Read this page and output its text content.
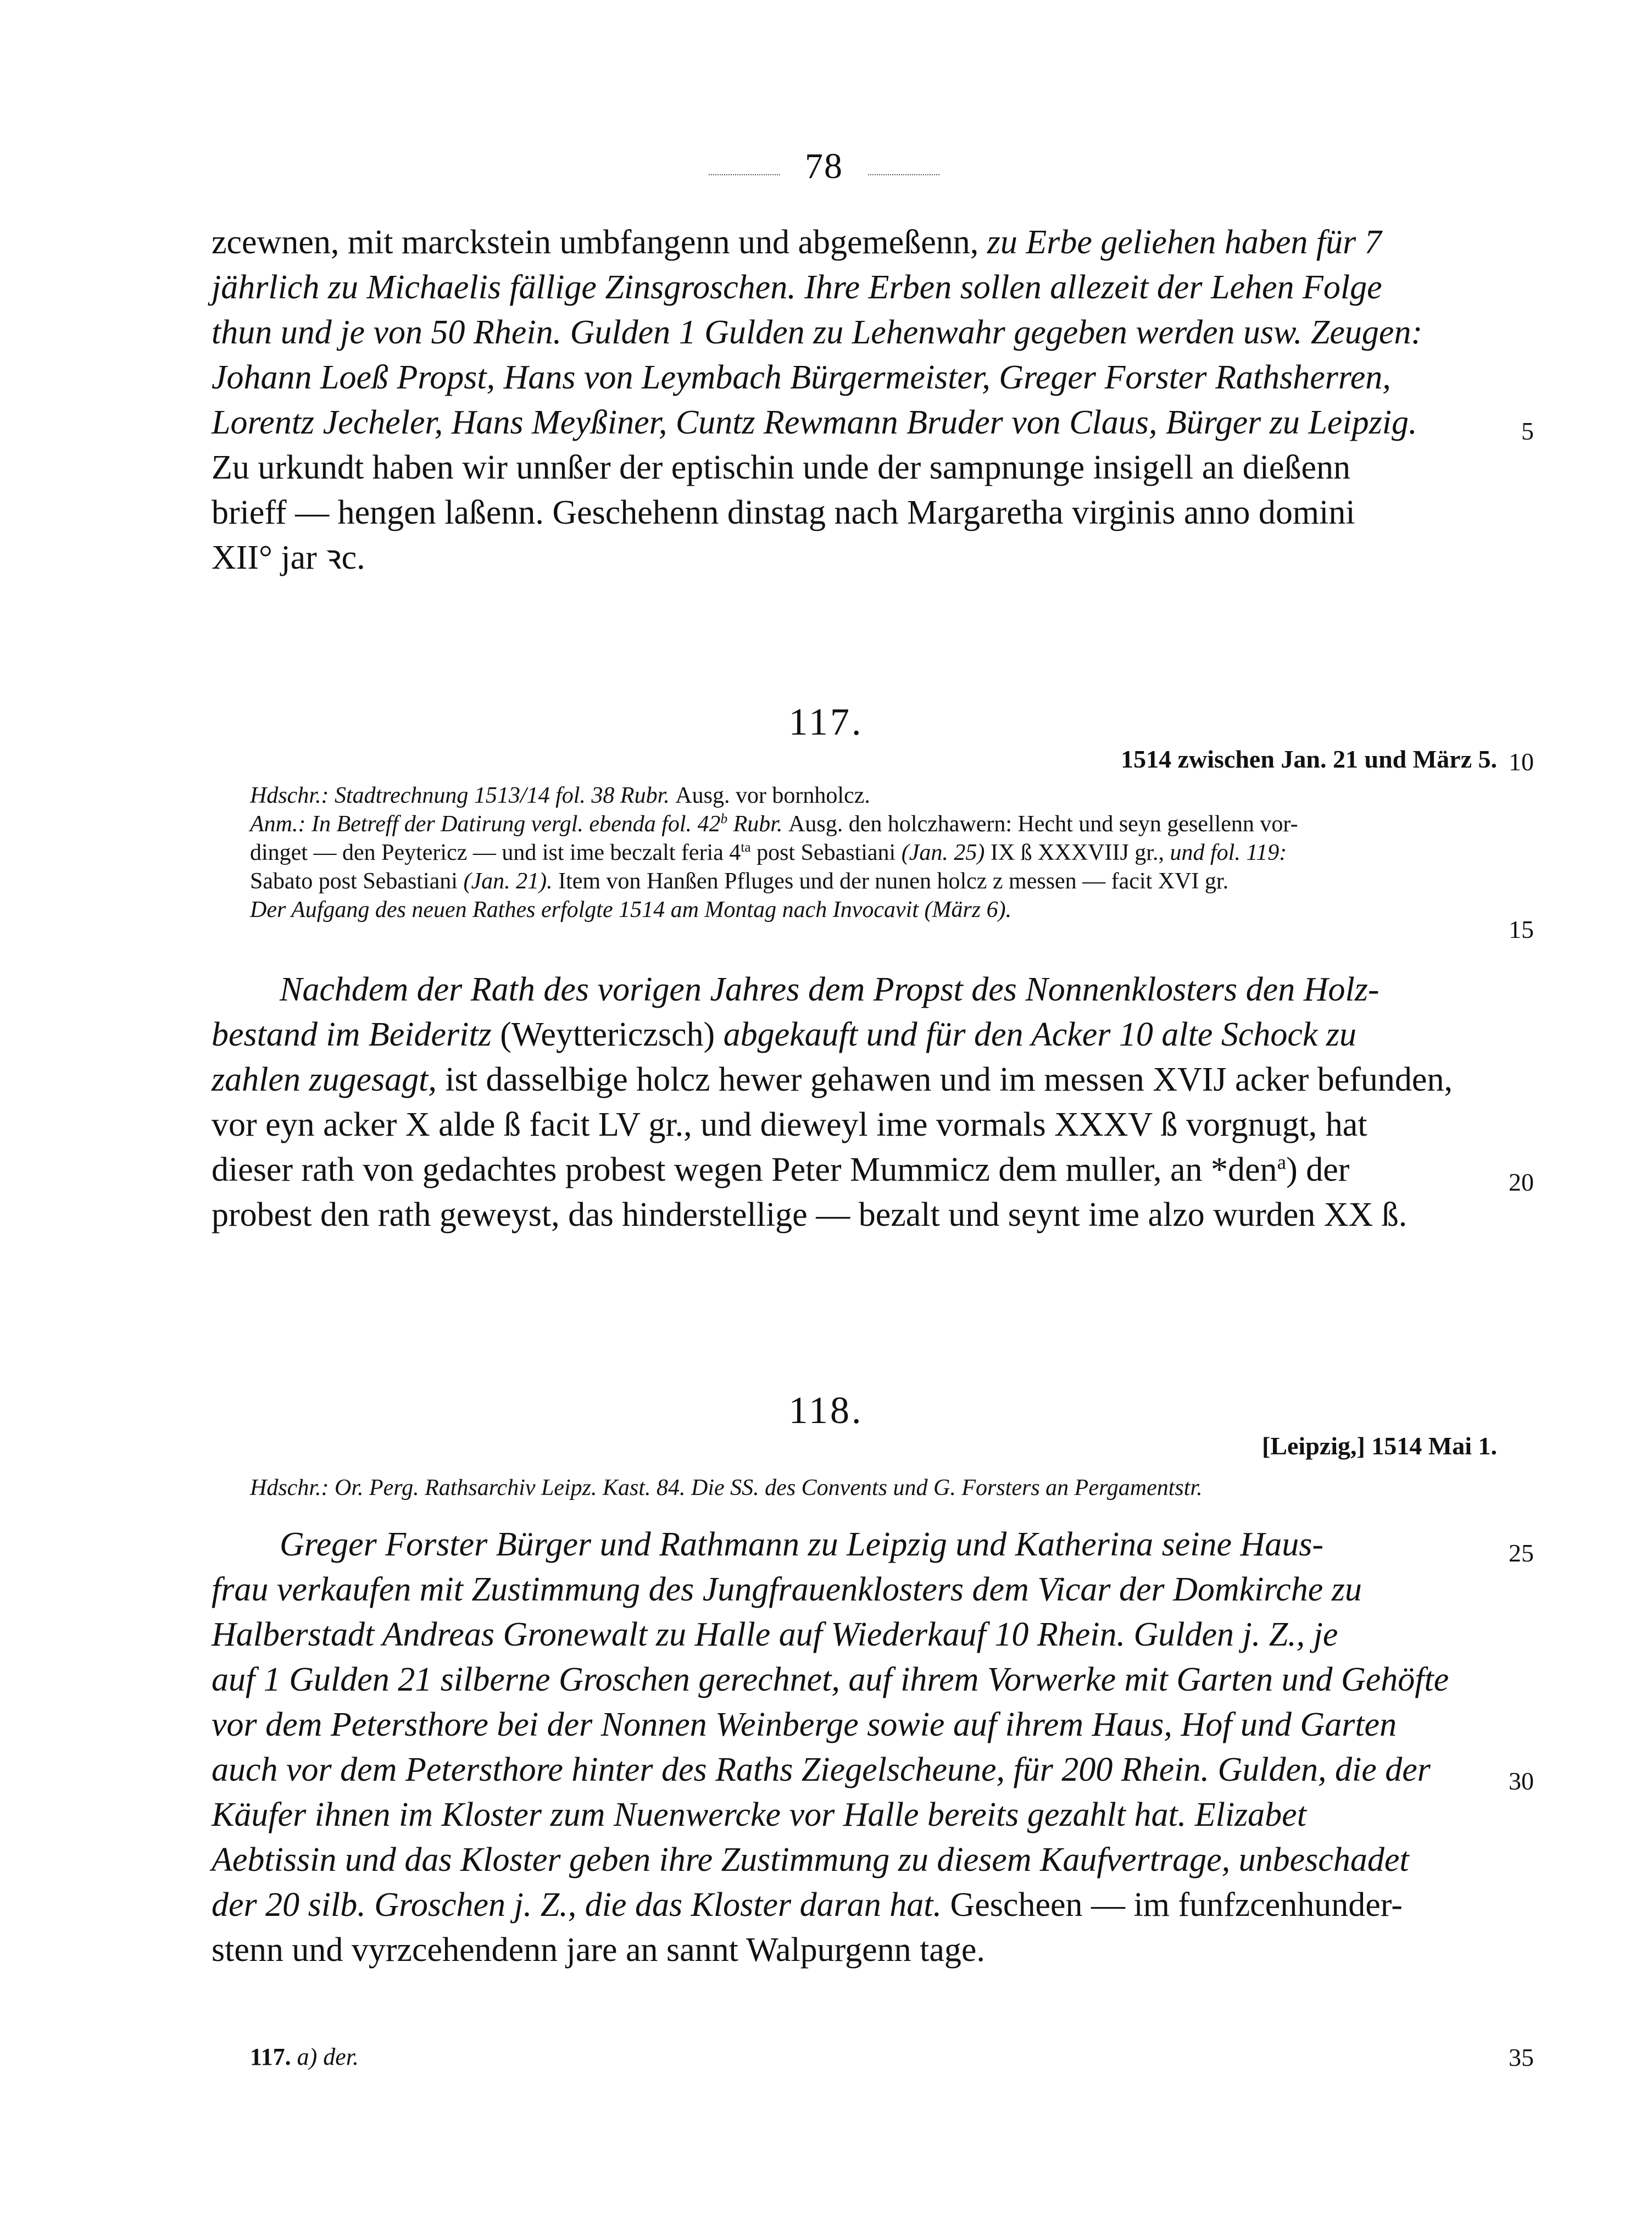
78
zcewnen, mit marckstein umbfangenn und abgemeßenn, zu Erbe geliehen haben für 7
jährlich zu Michaelis fällige Zinsgroschen. Ihre Erben sollen allezeit der Lehen Folge
thun und je von 50 Rhein. Gulden 1 Gulden zu Lehenwahr gegeben werden usw. Zeugen:
Johann Loeß Propst, Hans von Leymbach Bürgermeister, Greger Forster Rathsherren,
Lorentz Jecheler, Hans Meyßiner, Cuntz Rewmann Bruder von Claus, Bürger zu Leipzig.
Zu urkundt haben wir unnßer der eptischin unde der sampnunge insigell an dießenn
brieff — hengen laßenn. Geschehenn dinstag nach Margaretha virginis anno domini
XII° jar ꝛc.
117.
1514 zwischen Jan. 21 und März 5.
Hdschr.: Stadtrechnung 1513/14 fol. 38 Rubr. Ausg. vor bornholcz.
Anm.: In Betreff der Datirung vergl. ebenda fol. 42$^b$ Rubr. Ausg. den holczhawern: Hecht und seyn gesellenn vor-
dinget — den Peytericz — und ist ime beczalt feria $4^{ta}$ post Sebastiani (Jan. 25) IX ß XXXVIIJ gr., und fol. 119:
Sabato post Sebastiani (Jan. 21). Item von Hanßen Pfluges und der nunen holcz z messen — facit XVI gr.
Der Aufgang des neuen Rathes erfolgte 1514 am Montag nach Invocavit (März 6).
  Nachdem der Rath des vorigen Jahres dem Propst des Nonnenklosters den Holz-
bestand im Beideritz (Weyttericzsch) abgekauft und für den Acker 10 alte Schock zu
zahlen zugesagt, ist dasselbige holcz hewer gehawen und im messen XVIJ acker befunden,
vor eyn acker X alde ß facit LV gr., und dieweyl ime vormals XXXV ß vorgnugt, hat
dieser rath von gedachtes probest wegen Peter Mummicz dem muller, an *den$^a$) der
probest den rath geweyst, das hinderstellige — bezalt und seynt ime alzo wurden XX ß.
118.
[Leipzig,] 1514 Mai 1.
Hdschr.: Or. Perg. Rathsarchiv Leipz. Kast. 84. Die SS. des Convents und G. Forsters an Pergamentstr.
  Greger Forster Bürger und Rathmann zu Leipzig und Katherina seine Haus-
frau verkaufen mit Zustimmung des Jungfrauenklosters dem Vicar der Domkirche zu
Halberstadt Andreas Gronewalt zu Halle auf Wiederkauf 10 Rhein. Gulden j. Z., je
auf 1 Gulden 21 silberne Groschen gerechnet, auf ihrem Vorwerke mit Garten und Gehöfte
vor dem Petersthore bei der Nonnen Weinberge sowie auf ihrem Haus, Hof und Garten
auch vor dem Petersthore hinter des Raths Ziegelscheune, für 200 Rhein. Gulden, die der
Käufer ihnen im Kloster zum Nuenwercke vor Halle bereits gezahlt hat. Elizabet
Aebtissin und das Kloster geben ihre Zustimmung zu diesem Kaufvertrage, unbeschadet
der 20 silb. Groschen j. Z., die das Kloster daran hat. Gescheen — im funfzcenhunder-
stenn und vyrzcehendenn jare an sannt Walpurgenn tage.
117. a) der.
5
10
15
20
25
30
35
